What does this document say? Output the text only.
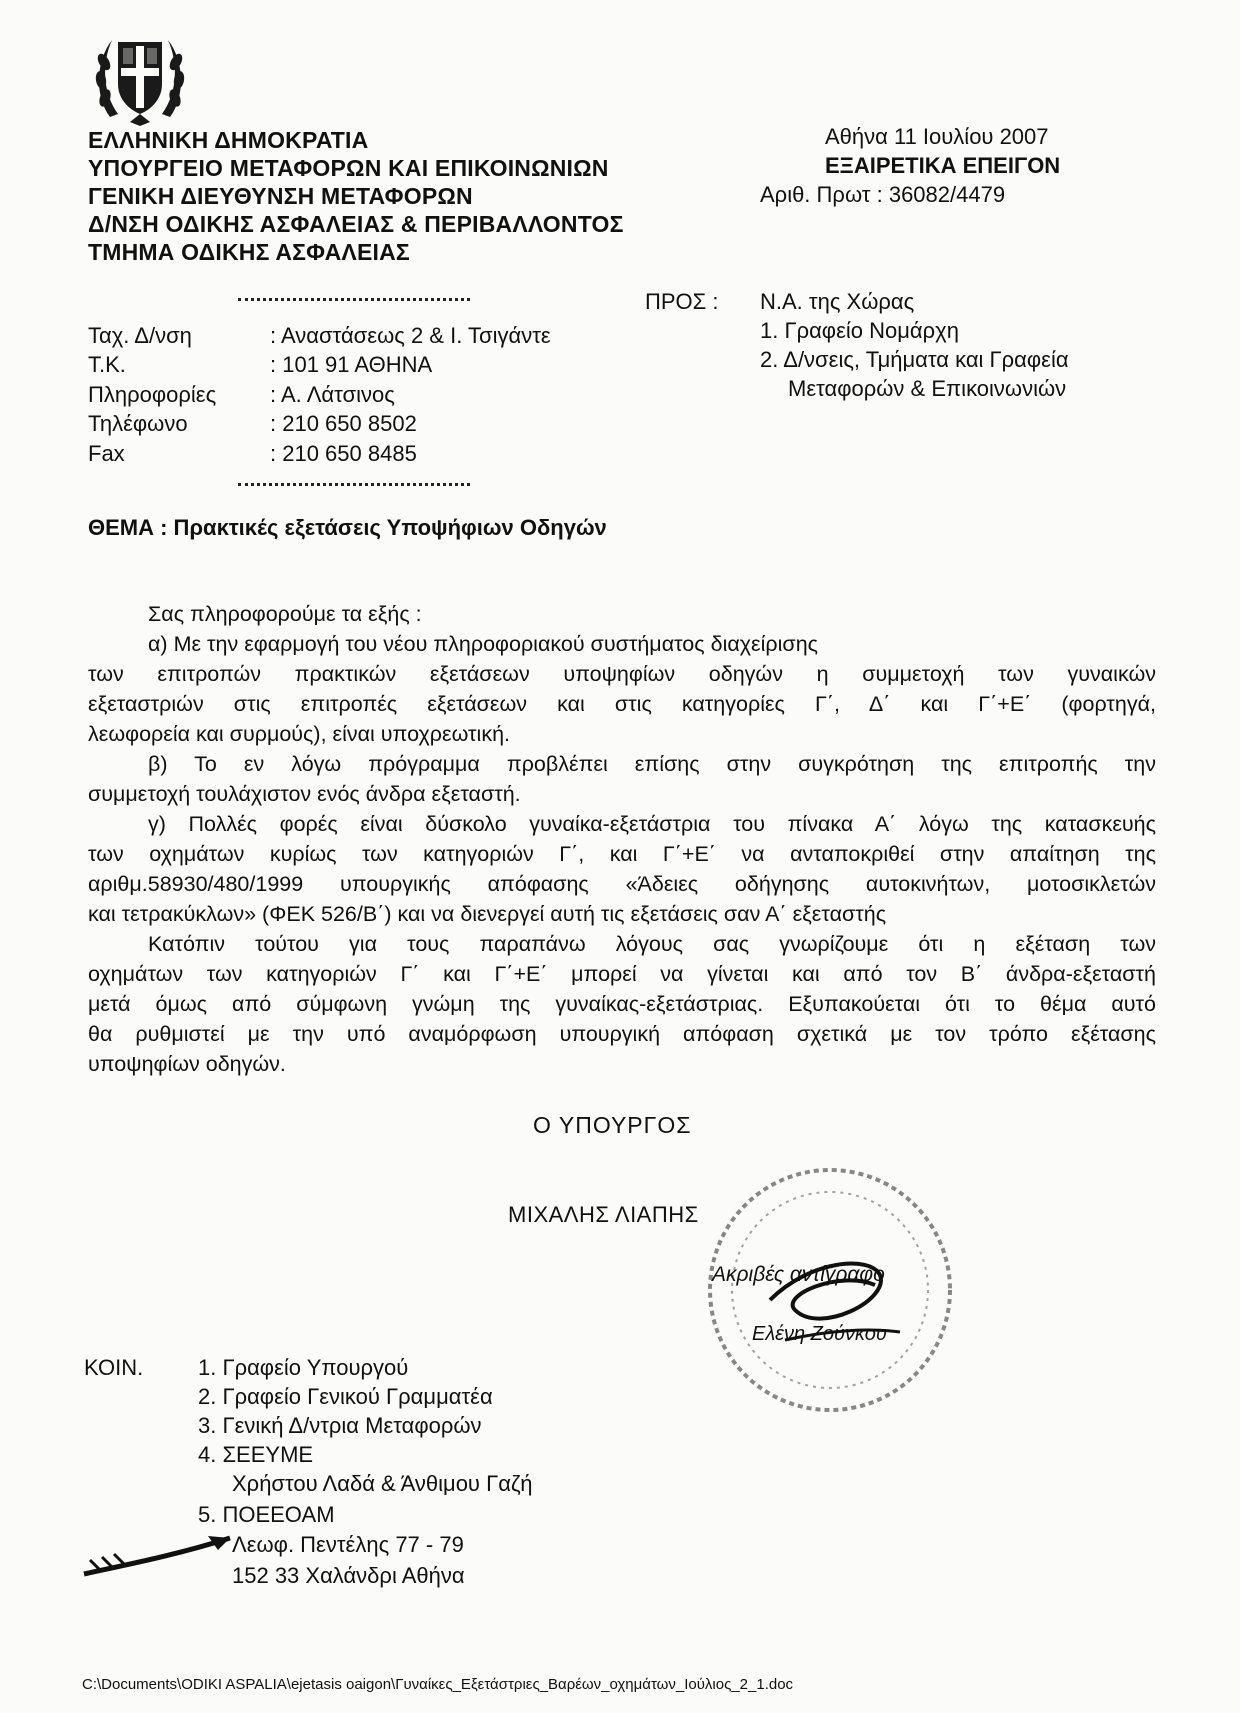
ΕΛΛΗΝΙΚΗ ΔΗΜΟΚΡΑΤΙΑ
ΥΠΟΥΡΓΕΙΟ ΜΕΤΑΦΟΡΩΝ ΚΑΙ ΕΠΙΚΟΙΝΩΝΙΩΝ
ΓΕΝΙΚΗ ΔΙΕΥΘΥΝΣΗ ΜΕΤΑΦΟΡΩΝ
Δ/ΝΣΗ ΟΔΙΚΗΣ ΑΣΦΑΛΕΙΑΣ & ΠΕΡΙΒΑΛΛΟΝΤΟΣ
ΤΜΗΜΑ ΟΔΙΚΗΣ ΑΣΦΑΛΕΙΑΣ
Αθήνα 11 Ιουλίου 2007
ΕΞΑΙΡΕΤΙΚΑ ΕΠΕΙΓΟΝ
Αριθ. Πρωτ : 36082/4479
Ταχ. Δ/νση	: Αναστάσεως 2 & Ι. Τσιγάντε
Τ.Κ.	: 101 91 ΑΘΗΝΑ
Πληροφορίες : Α. Λάτσινος
Τηλέφωνο	: 210 650 8502
Fax	: 210 650 8485
ΠΡΟΣ : Ν.Α. της Χώρας
1. Γραφείο Νομάρχη
2. Δ/νσεις, Τμήματα και Γραφεία
Μεταφορών & Επικοινωνιών
ΘΕΜΑ : Πρακτικές εξετάσεις Υποψήφιων Οδηγών
Σας πληροφορούμε τα εξής :
α) Με την εφαρμογή του νέου πληροφοριακού συστήματος διαχείρισης
των επιτροπών πρακτικών εξετάσεων υποψηφίων οδηγών η συμμετοχή των γυναικών
εξεταστριών στις επιτροπές εξετάσεων και στις κατηγορίες Γ΄, Δ΄ και Γ΄+Ε΄ (φορτηγά,
λεωφορεία και συρμούς), είναι υποχρεωτική.
β) Το εν λόγω πρόγραμμα προβλέπει επίσης στην συγκρότηση της επιτροπής την
συμμετοχή τουλάχιστον ενός άνδρα εξεταστή.
γ) Πολλές φορές είναι δύσκολο γυναίκα-εξετάστρια του πίνακα Α΄ λόγω της κατασκευής
των οχημάτων κυρίως των κατηγοριών Γ΄, και Γ΄+Ε΄ να ανταποκριθεί στην απαίτηση της
αριθμ.58930/480/1999 υπουργικής απόφασης «Άδειες οδήγησης αυτοκινήτων, μοτοσικλετών
και τετρακύκλων» (ΦΕΚ 526/Β΄) και να διενεργεί αυτή τις εξετάσεις σαν Α΄ εξεταστής
Κατόπιν τούτου για τους παραπάνω λόγους σας γνωρίζουμε ότι η εξέταση των
οχημάτων των κατηγοριών Γ΄ και Γ΄+Ε΄ μπορεί να γίνεται και από τον Β΄ άνδρα-εξεταστή
μετά όμως από σύμφωνη γνώμη της γυναίκας-εξετάστριας. Εξυπακούεται ότι το θέμα αυτό
θα ρυθμιστεί με την υπό αναμόρφωση υπουργική απόφαση σχετικά με τον τρόπο εξέτασης
υποψηφίων οδηγών.
Ο ΥΠΟΥΡΓΟΣ
ΜΙΧΑΛΗΣ ΛΙΑΠΗΣ
Ακριβές αντίγραφο
Ελένη Ζούνκου
ΚΟΙΝ. 1. Γραφείο Υπουργού
2. Γραφείο Γενικού Γραμματέα
3. Γενική Δ/ντρια Μεταφορών
4. ΣΕΕΥΜΕ
Χρήστου Λαδά & Άνθιμου Γαζή
5. ΠΟΕΕΟΑΜ
Λεωφ. Πεντέλης 77 - 79
152 33 Χαλάνδρι Αθήνα
C:\Documents\ODIKI ASPALIA\ejetasis oaigon\Γυναίκες_Εξετάστριες_Βαρέων_οχημάτων_Ιούλιος_2_1.doc
